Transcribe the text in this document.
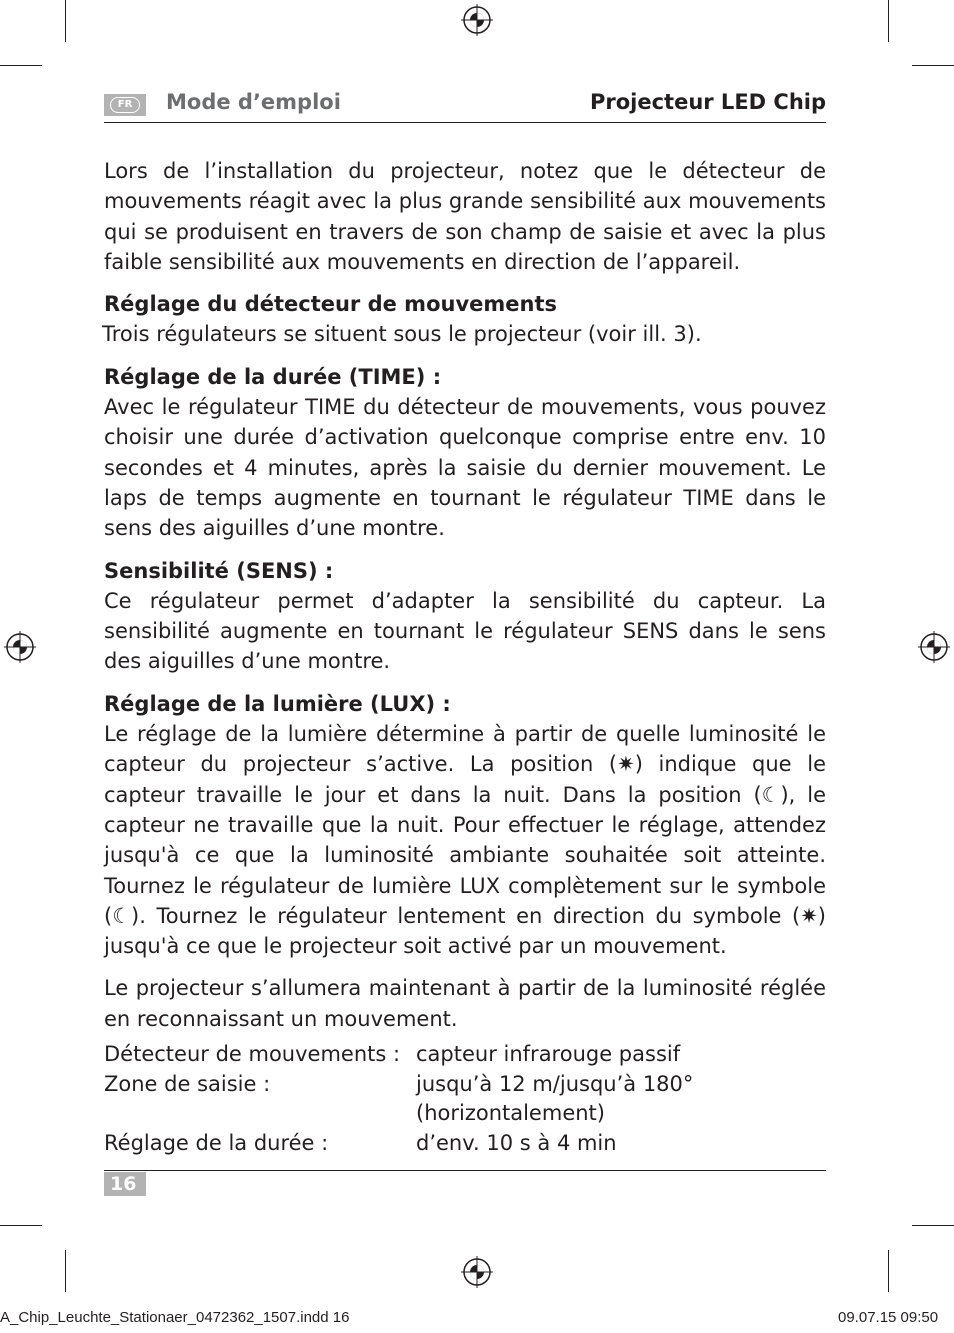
FR	Mode d’emploi	Projecteur LED Chip

Lors de l’installation du projecteur, notez que le détecteur de mouvements réagit avec la plus grande sensibilité aux mouvements qui se produisent en travers de son champ de saisie et avec la plus faible sensibilité aux mouvements en direction de l’appareil.

Réglage du détecteur de mouvements

Trois régulateurs se situent sous le projecteur (voir ill. 3).

Réglage de la durée (TIME) :

Avec le régulateur TIME du détecteur de mouvements, vous pouvez choisir une durée d’activation quelconque comprise entre env. 10 secondes et 4 minutes, après la saisie du dernier mouvement. Le laps de temps augmente en tournant le régulateur TIME dans le sens des aiguilles d’une montre.

Sensibilité (SENS) :

Ce régulateur permet d’adapter la sensibilité du capteur. La sensibilité augmente en tournant le régulateur SENS dans le sens des aiguilles d’une montre.

Réglage de la lumière (LUX) :

Le réglage de la lumière détermine à partir de quelle luminosité le capteur du projecteur s’active. La position (✷) indique que le capteur travaille le jour et dans la nuit. Dans la position (☾), le capteur ne travaille que la nuit. Pour effectuer le réglage, attendez jusqu'à ce que la luminosité ambiante souhaitée soit atteinte. Tournez le régulateur de lumière LUX complètement sur le symbole (☾). Tournez le régulateur lentement en direction du symbole (✷) jusqu'à ce que le projecteur soit activé par un mouvement.

Le projecteur s’allumera maintenant à partir de la luminosité réglée en reconnaissant un mouvement.

Détecteur de mouvements : capteur infrarouge passif
Zone de saisie :	jusqu’à 12 m/jusqu’à 180°
(horizontalement)
Réglage de la durée :	d’env. 10 s à 4 min
16
A_Chip_Leuchte_Stationaer_0472362_1507.indd 16	09.07.15 09:50
